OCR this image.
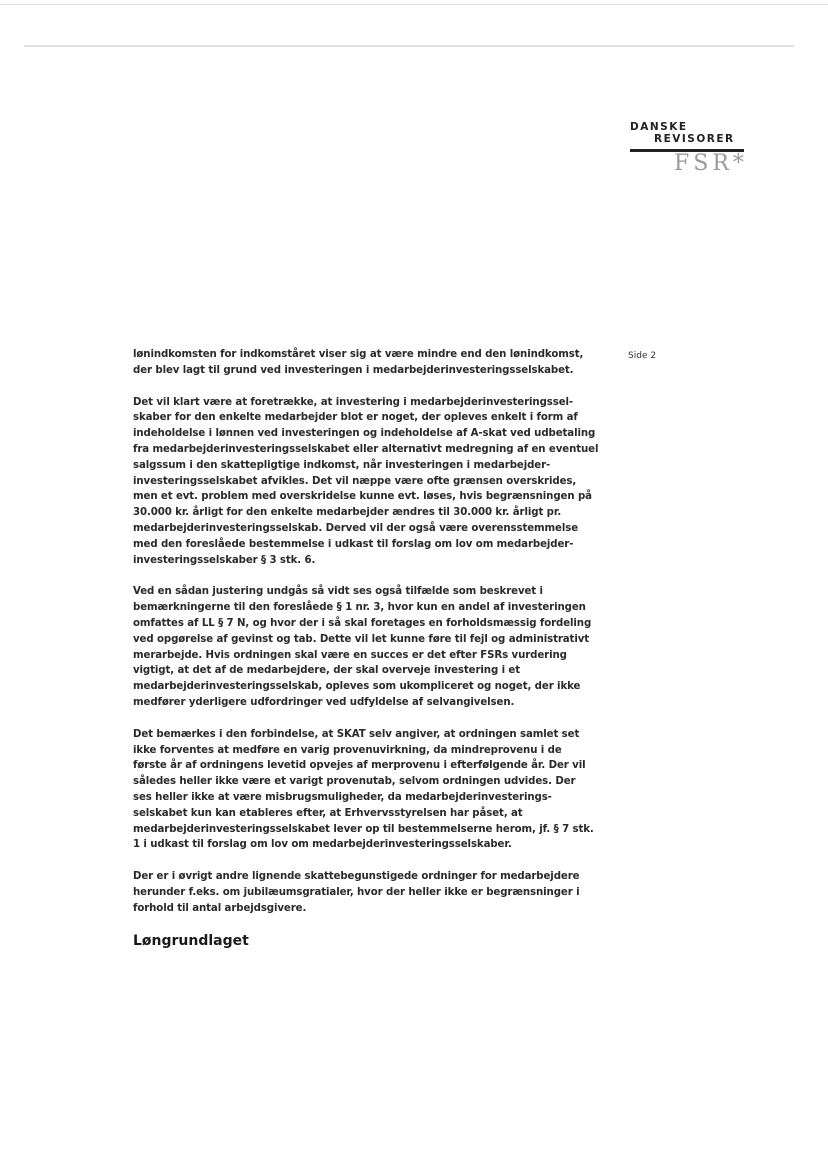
DANSKE
REVISORER
FSR*
Side 2

lønindkomsten for indkomståret viser sig at være mindre end den lønindkomst,
der blev lagt til grund ved investeringen i medarbejderinvesteringsselskabet.

Det vil klart være at foretrække, at investering i medarbejderinvesteringssel-
skaber for den enkelte medarbejder blot er noget, der opleves enkelt i form af
indeholdelse i lønnen ved investeringen og indeholdelse af A-skat ved udbetaling
fra medarbejderinvesteringsselskabet eller alternativt medregning af en eventuel
salgssum i den skattepligtige indkomst, når investeringen i medarbejder-
investeringsselskabet afvikles. Det vil næppe være ofte grænsen overskrides,
men et evt. problem med overskridelse kunne evt. løses, hvis begrænsningen på
30.000 kr. årligt for den enkelte medarbejder ændres til 30.000 kr. årligt pr.
medarbejderinvesteringsselskab. Derved vil der også være overensstemmelse
med den foreslåede bestemmelse i udkast til forslag om lov om medarbejder-
investeringsselskaber § 3 stk. 6.

Ved en sådan justering undgås så vidt ses også tilfælde som beskrevet i
bemærkningerne til den foreslåede § 1 nr. 3, hvor kun en andel af investeringen
omfattes af LL § 7 N, og hvor der i så skal foretages en forholdsmæssig fordeling
ved opgørelse af gevinst og tab. Dette vil let kunne føre til fejl og administrativt
merarbejde. Hvis ordningen skal være en succes er det efter FSRs vurdering
vigtigt, at det af de medarbejdere, der skal overveje investering i et
medarbejderinvesteringsselskab, opleves som ukompliceret og noget, der ikke
medfører yderligere udfordringer ved udfyldelse af selvangivelsen.

Det bemærkes i den forbindelse, at SKAT selv angiver, at ordningen samlet set
ikke forventes at medføre en varig provenuvirkning, da mindreprovenu i de
første år af ordningens levetid opvejes af merprovenu i efterfølgende år. Der vil
således heller ikke være et varigt provenutab, selvom ordningen udvides. Der
ses heller ikke at være misbrugsmuligheder, da medarbejderinvesterings-
selskabet kun kan etableres efter, at Erhvervsstyrelsen har påset, at
medarbejderinvesteringsselskabet lever op til bestemmelserne herom, jf. § 7 stk.
1 i udkast til forslag om lov om medarbejderinvesteringsselskaber.

Der er i øvrigt andre lignende skattebegunstigede ordninger for medarbejdere
herunder f.eks. om jubilæumsgratialer, hvor der heller ikke er begrænsninger i
forhold til antal arbejdsgivere.

Løngrundlaget
